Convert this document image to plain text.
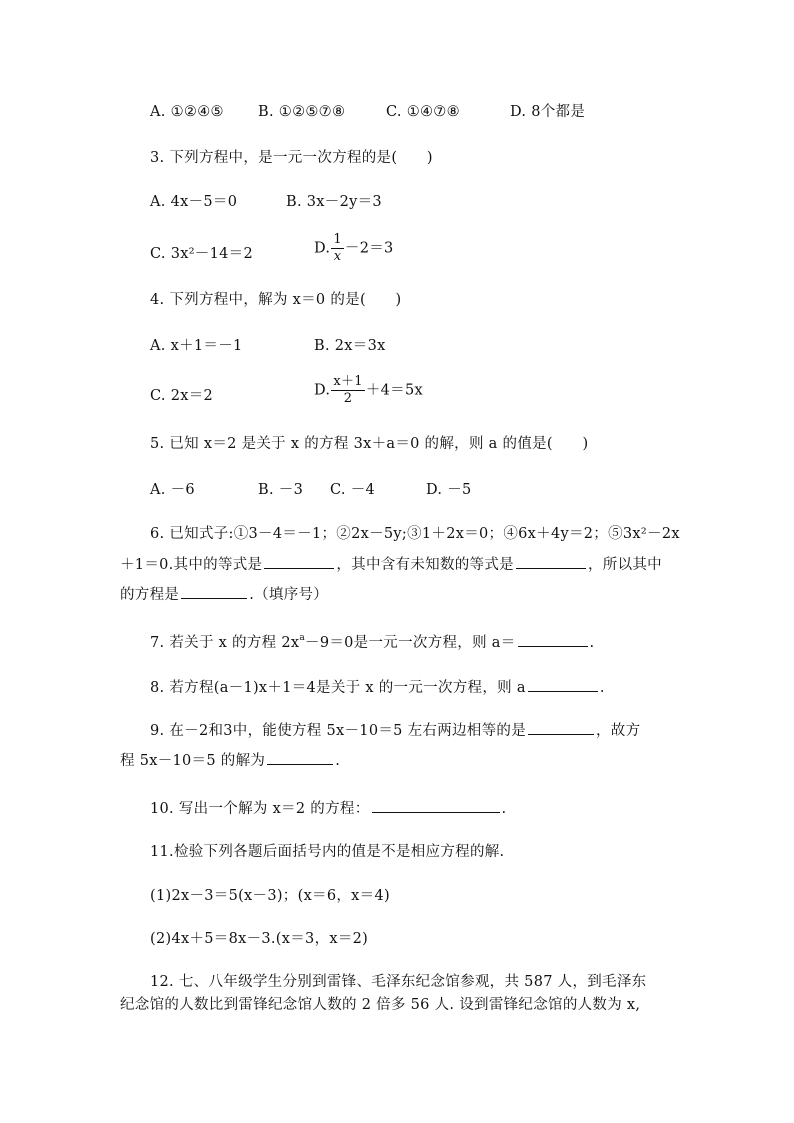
A. ①②④⑤ B. ①②⑤⑦⑧	C. ①④⑦⑧	D. 8个都是
3. 下列方程中，是一元一次方程的是(　　)
A. 4x－5＝0	B. 3x－2y＝3
C. 3x²－14＝2	D. $\frac{1}{x} -2=3$
4. 下列方程中，解为 x＝0 的是(　　)
A. x＋1＝－1	B. 2x＝3x
C. 2x＝2	D. $\frac{x+1}{2} +4=5x$
5. 已知 x＝2 是关于 x 的方程 3x＋a＝0 的解，则 a 的值是(　　)
A. －6	B. －3 C. －4	D. －5
6. 已知式子:①3－4＝－1；②2x－5y;③1＋2x＝0；④6x＋4y＝2；⑤3x²－2x
＋1＝0.其中的等式是	，其中含有未知数的等式是	，所以其中
的方程是	.（填序号）
7. 若关于 x 的方程 $2x^a-9=0$是一元一次方程，则 a＝	.
8. 若方程(a－1)x＋1＝4是关于 x 的一元一次方程，则 a	.
9. 在－2和3中，能使方程 5x－10＝5 左右两边相等的是	，故方
程 5x－10＝5 的解为	.
10. 写出一个解为 x＝2 的方程：	.
11.检验下列各题后面括号内的值是不是相应方程的解.
(1)2x－3＝5(x－3)；(x＝6，x＝4)
(2)4x＋5＝8x－3.(x＝3，x＝2)
12. 七、八年级学生分别到雷锋、毛泽东纪念馆参观，共 587 人，到毛泽东
纪念馆的人数比到雷锋纪念馆人数的 2 倍多 56 人. 设到雷锋纪念馆的人数为 x,
